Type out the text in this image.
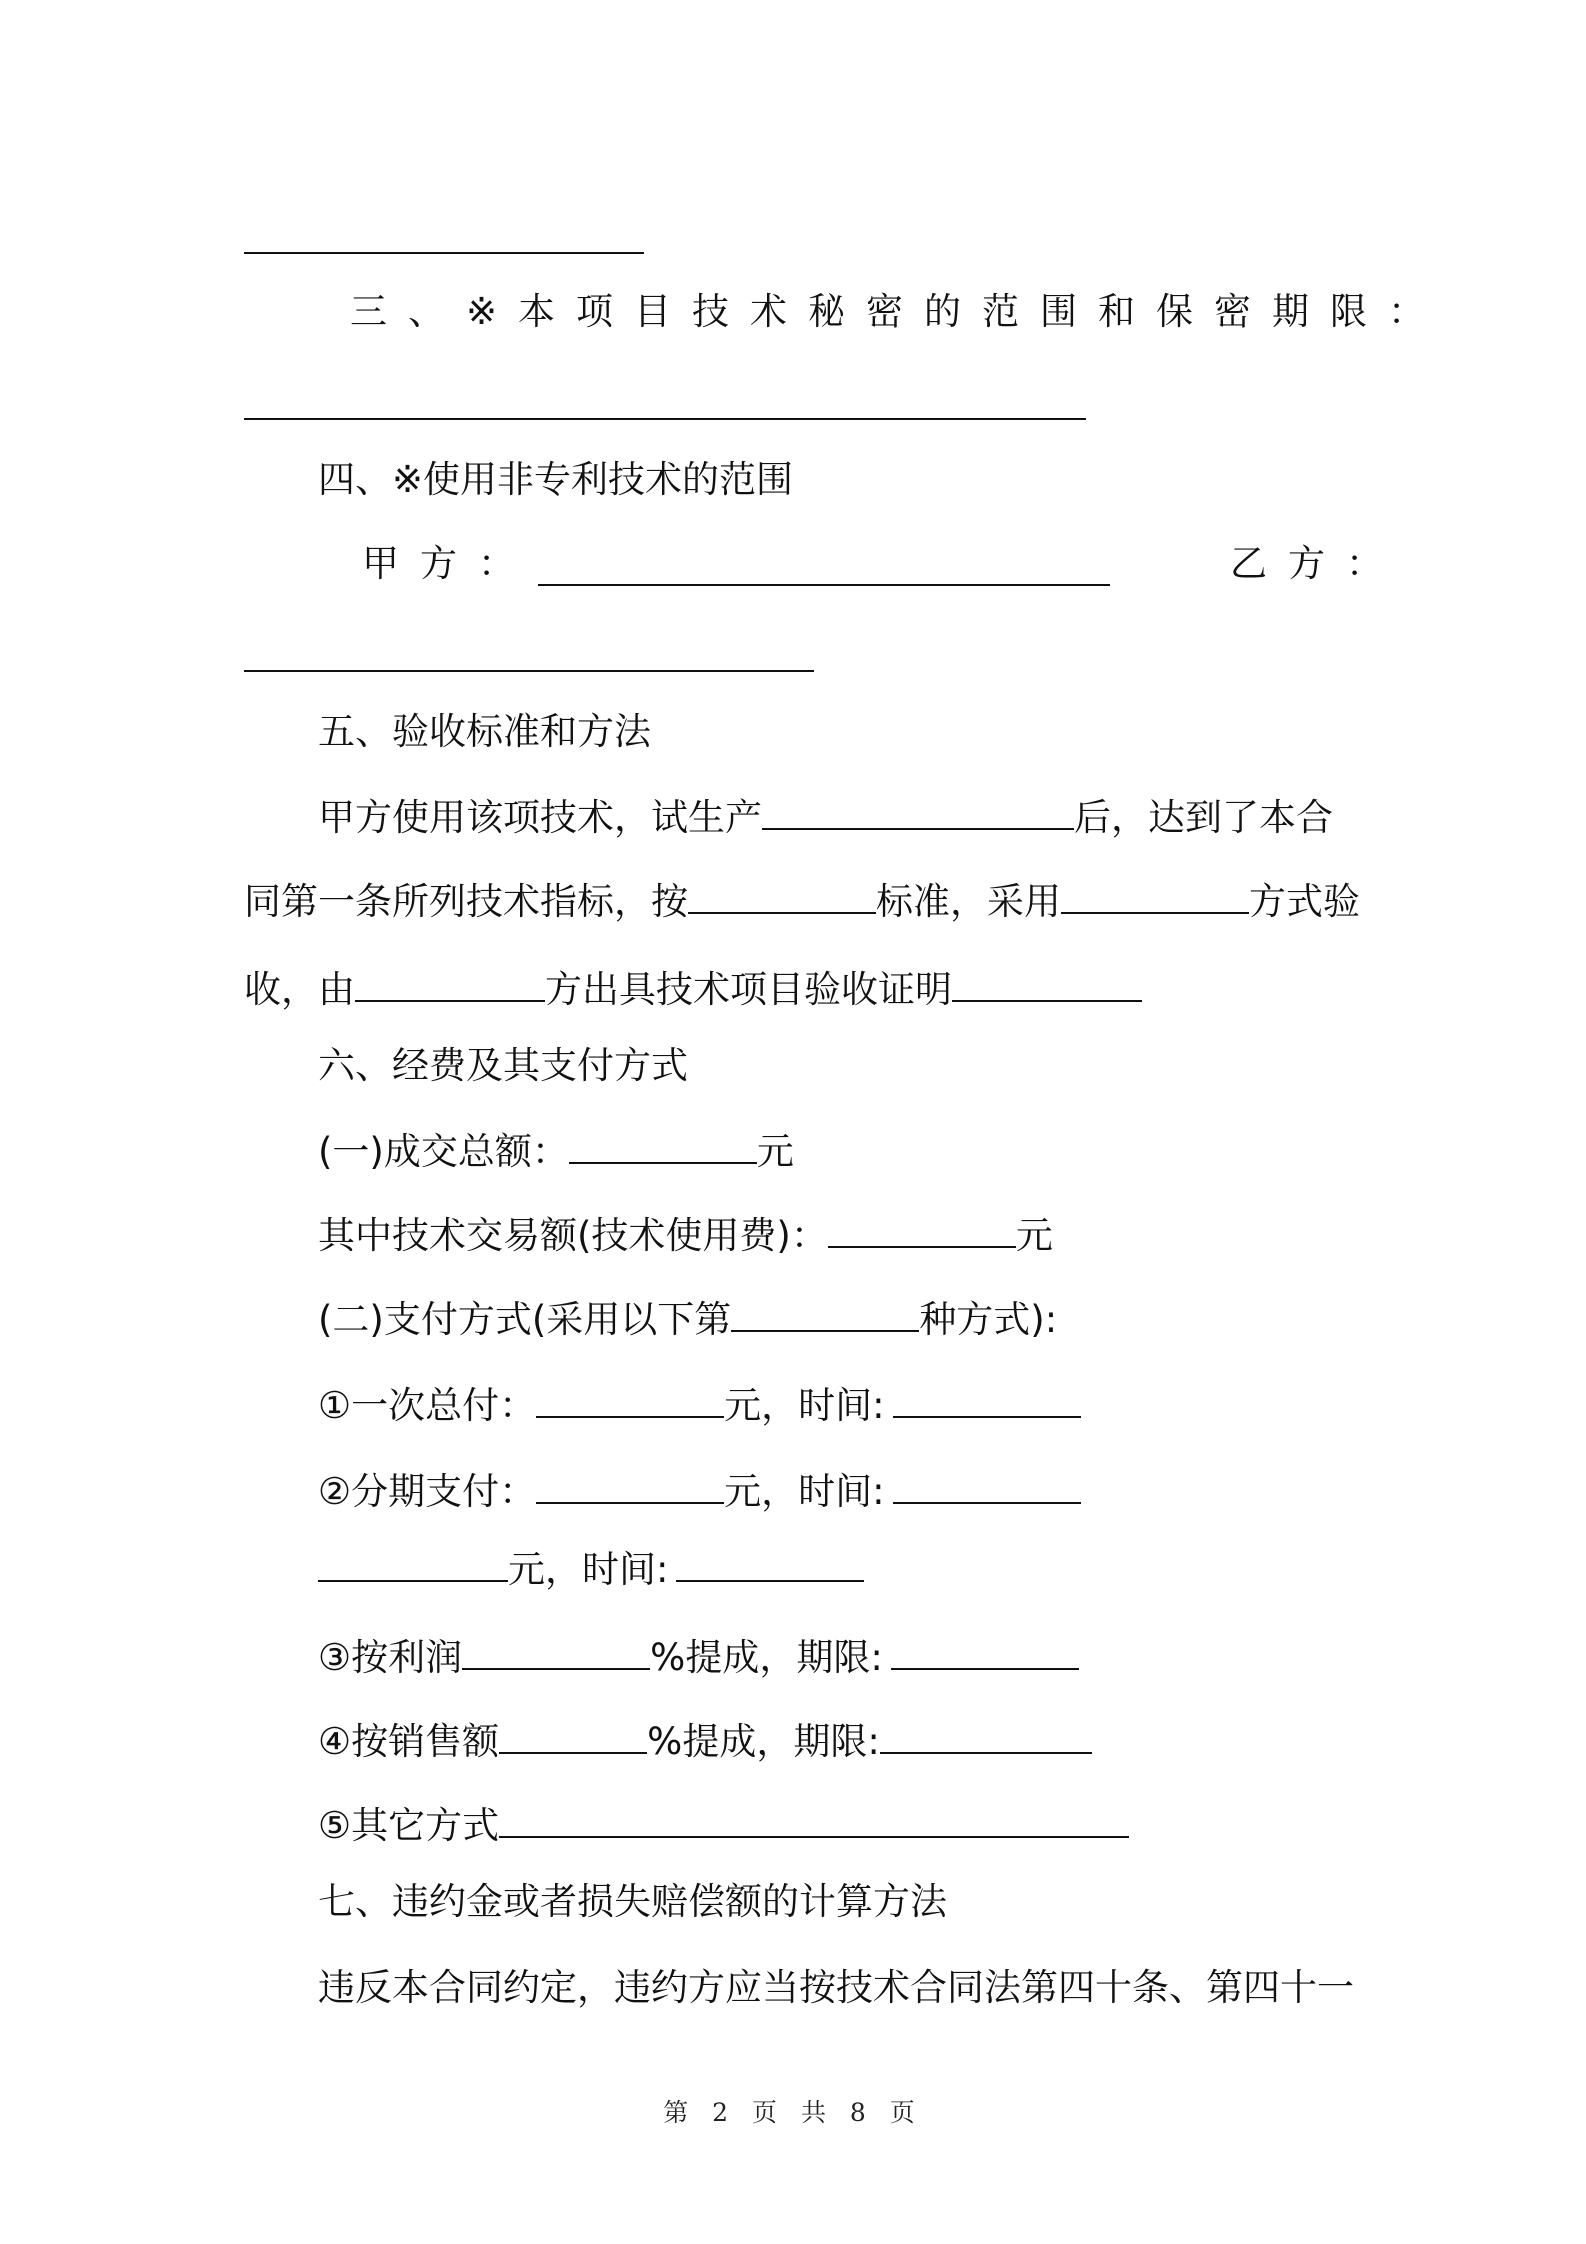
三、※本项目技术秘密的范围和保密期限：
四、※使用非专利技术的范围
甲方：	乙方：
五、验收标准和方法
甲方使用该项技术，试生产	后，达到了本合
同第一条所列技术指标，按	标准，采用	方式验
收，由	方出具技术项目验收证明
六、经费及其支付方式
(一)成交总额：	元
其中技术交易额(技术使用费)：	元
(二)支付方式(采用以下第	种方式):
①一次总付：	元，时间:
②分期支付：	元，时间:
元，时间:
③按利润	%提成，期限:
④按销售额	%提成，期限:
⑤其它方式
七、违约金或者损失赔偿额的计算方法
违反本合同约定，违约方应当按技术合同法第四十条、第四十一
第 2 页 共 8 页
